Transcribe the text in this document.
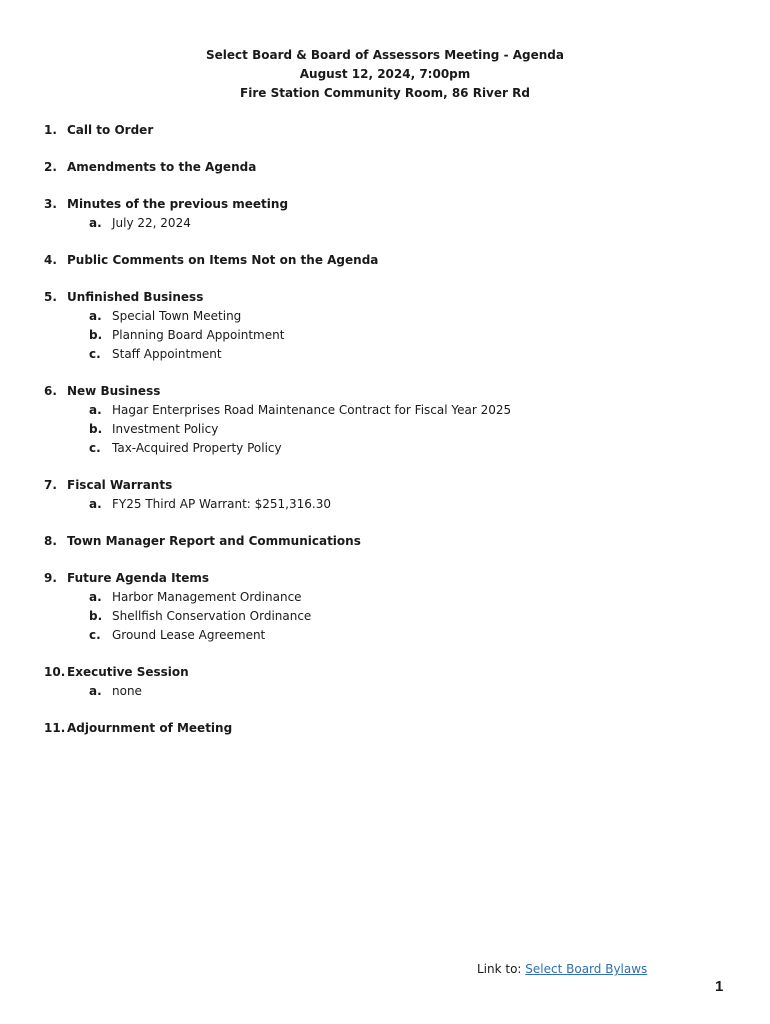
Select Board & Board of Assessors Meeting - Agenda
August 12, 2024, 7:00pm
Fire Station Community Room, 86 River Rd
1. Call to Order
2. Amendments to the Agenda
3. Minutes of the previous meeting
a. July 22, 2024
4. Public Comments on Items Not on the Agenda
5. Unfinished Business
a. Special Town Meeting
b. Planning Board Appointment
c. Staff Appointment
6. New Business
a. Hagar Enterprises Road Maintenance Contract for Fiscal Year 2025
b. Investment Policy
c. Tax-Acquired Property Policy
7. Fiscal Warrants
a. FY25 Third AP Warrant: $251,316.30
8. Town Manager Report and Communications
9. Future Agenda Items
a. Harbor Management Ordinance
b. Shellfish Conservation Ordinance
c. Ground Lease Agreement
10. Executive Session
a. none
11. Adjournment of Meeting
Link to: Select Board Bylaws
1
